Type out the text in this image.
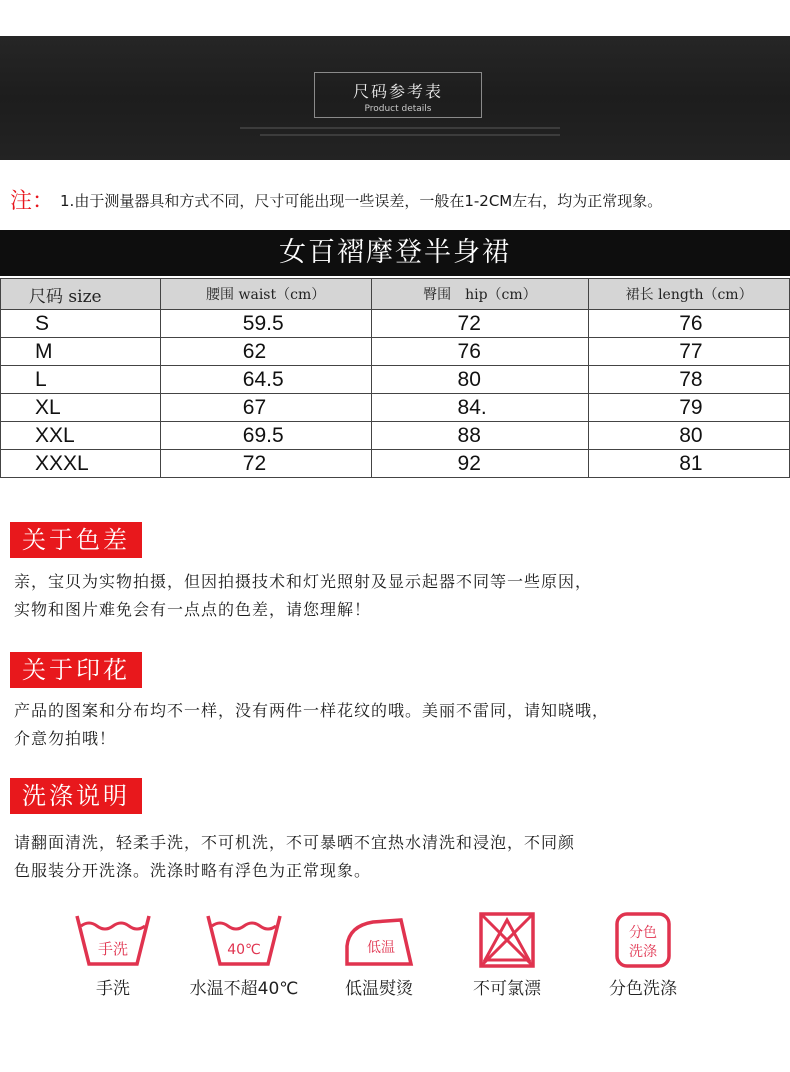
尺码参考表
Product details
注： 1.由于测量器具和方式不同，尺寸可能出现一些误差，一般在1-2CM左右，均为正常现象。
女百褶摩登半身裙
尺码 size	腰围 waist（cm）	臀围　hip（cm）	裙长 length（cm）
S	59.5	72	76
M	62	76	77
L	64.5	80	78
XL	67	84.	79
XXL	69.5	88	80
XXXL	72	92	81
关于色差
亲，宝贝为实物拍摄，但因拍摄技术和灯光照射及显示起器不同等一些原因，
实物和图片难免会有一点点的色差，请您理解！
关于印花
产品的图案和分布均不一样，没有两件一样花纹的哦。美丽不雷同，请知晓哦，
介意勿拍哦！
洗涤说明
请翻面清洗，轻柔手洗，不可机洗，不可暴晒不宜热水清洗和浸泡，不同颜
色服装分开洗涤。洗涤时略有浮色为正常现象。
手洗
手洗
40℃
水温不超40℃
低温
低温熨烫	不可氯漂
分色
洗涤
分色洗涤
